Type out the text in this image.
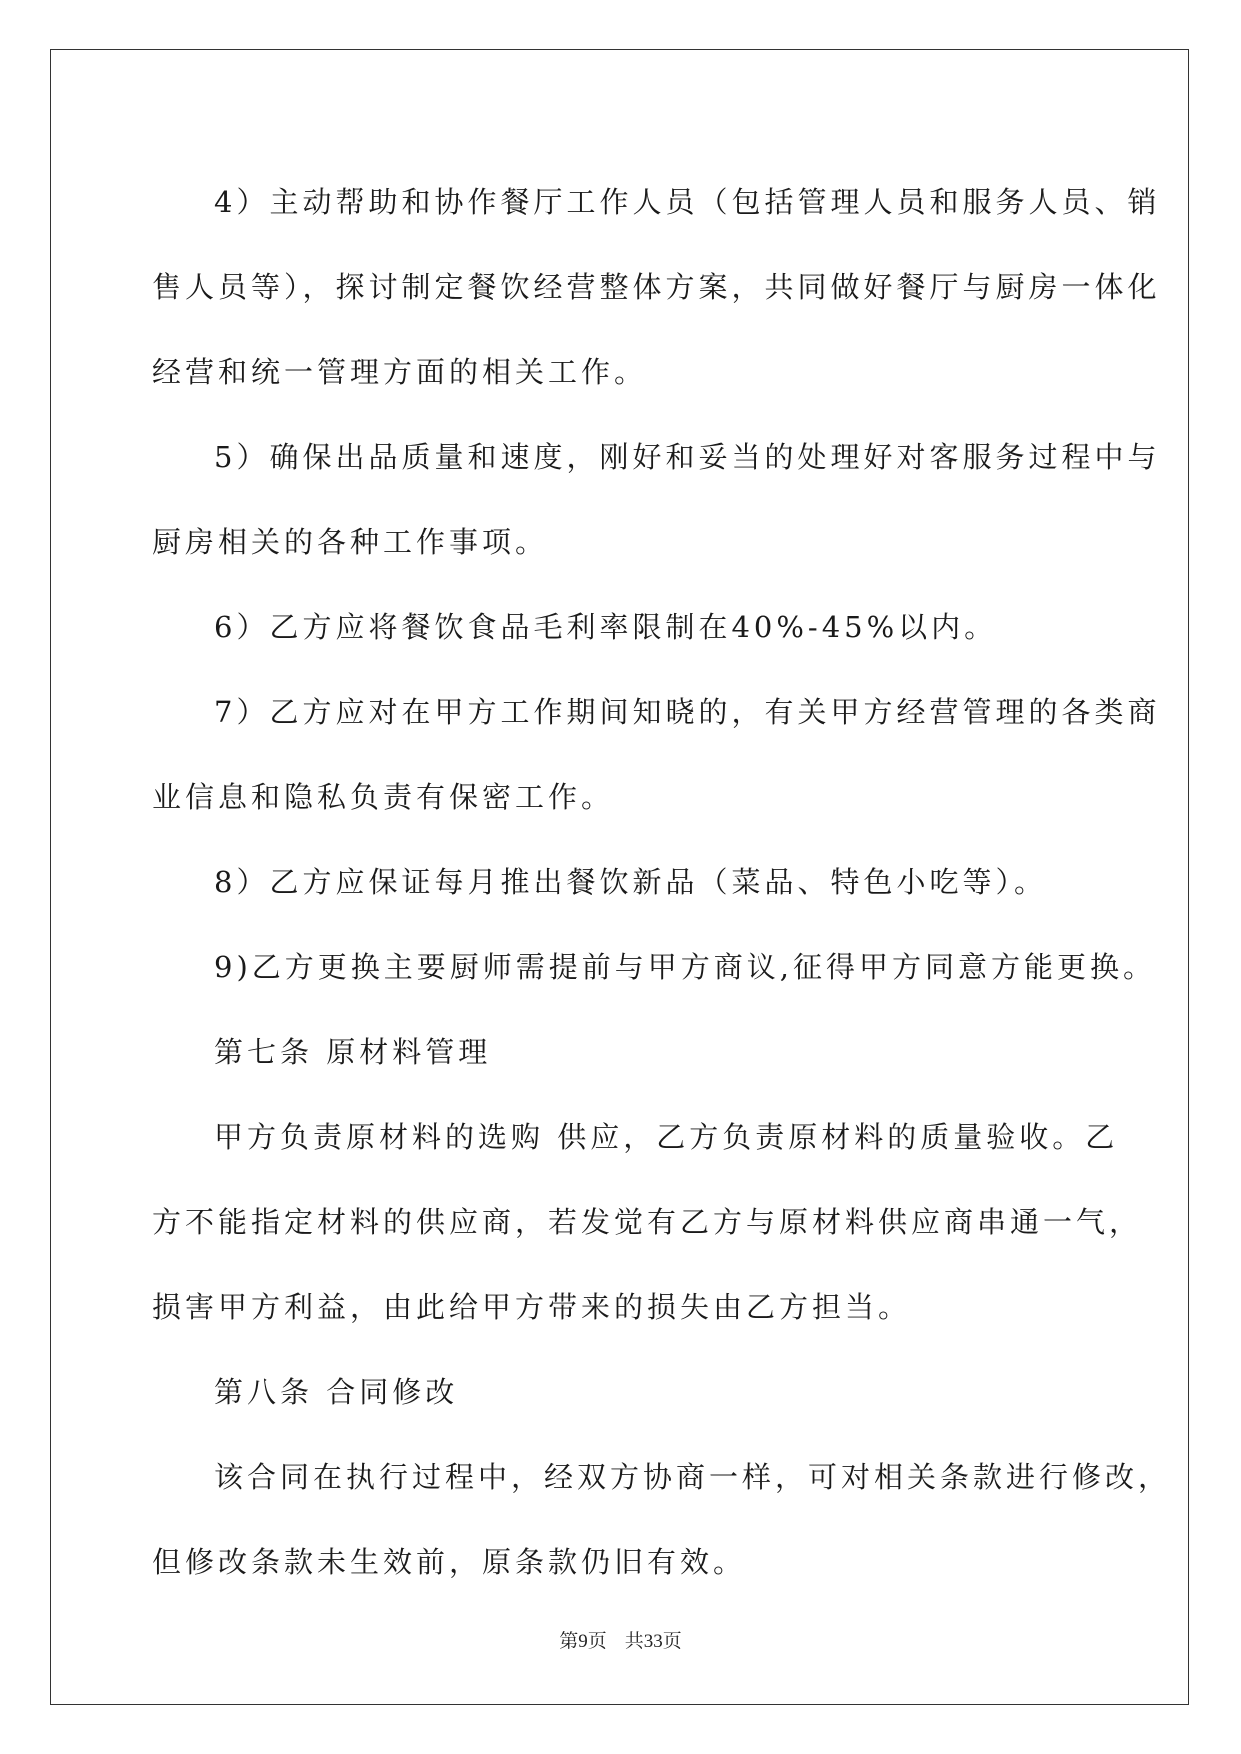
4）主动帮助和协作餐厅工作人员（包括管理人员和服务人员、销
售人员等），探讨制定餐饮经营整体方案，共同做好餐厅与厨房一体化
经营和统一管理方面的相关工作。
5）确保出品质量和速度，刚好和妥当的处理好对客服务过程中与
厨房相关的各种工作事项。
6）乙方应将餐饮食品毛利率限制在40%-45%以内。
7）乙方应对在甲方工作期间知晓的，有关甲方经营管理的各类商
业信息和隐私负责有保密工作。
8）乙方应保证每月推出餐饮新品（菜品、特色小吃等）。
9)乙方更换主要厨师需提前与甲方商议,征得甲方同意方能更换。
第七条 原材料管理
甲方负责原材料的选购 供应，乙方负责原材料的质量验收。乙
方不能指定材料的供应商，若发觉有乙方与原材料供应商串通一气，
损害甲方利益，由此给甲方带来的损失由乙方担当。
第八条 合同修改
该合同在执行过程中，经双方协商一样，可对相关条款进行修改，
但修改条款未生效前，原条款仍旧有效。
第9页 共33页
